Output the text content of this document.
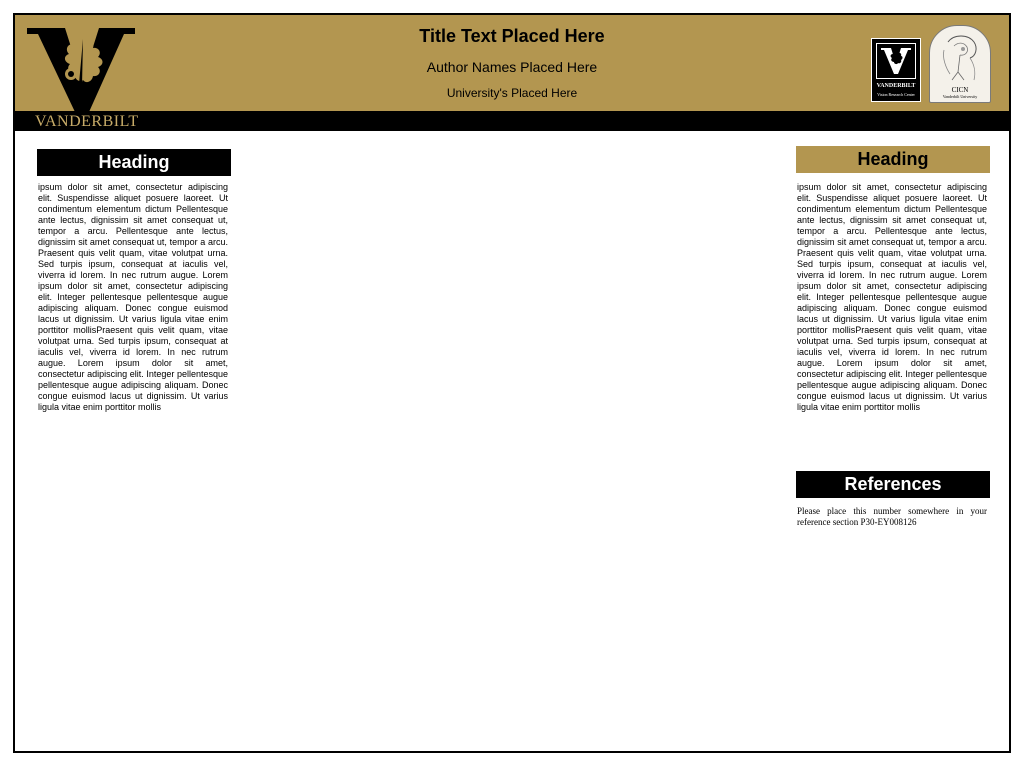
Title Text Placed Here
Author Names Placed Here
University's Placed Here	VANDERBILT
Vision Research Center
CICN
Vanderbilt University
VANDERBILT
Heading

ipsum dolor sit amet, consectetur adipiscing elit. Suspendisse aliquet posuere laoreet. Ut condimentum elementum dictum Pellentesque ante lectus, dignissim sit amet consequat ut, tempor a arcu. Pellentesque ante lectus, dignissim sit amet consequat ut, tempor a arcu. Praesent quis velit quam, vitae volutpat urna. Sed turpis ipsum, consequat at iaculis vel, viverra id lorem. In nec rutrum augue. Lorem ipsum dolor sit amet, consectetur adipiscing elit. Integer pellentesque pellentesque augue adipiscing aliquam. Donec congue euismod lacus ut dignissim. Ut varius ligula vitae enim porttitor mollisPraesent quis velit quam, vitae volutpat urna. Sed turpis ipsum, consequat at iaculis vel, viverra id lorem. In nec rutrum augue. Lorem ipsum dolor sit amet, consectetur adipiscing elit. Integer pellentesque pellentesque augue adipiscing aliquam. Donec congue euismod lacus ut dignissim. Ut varius ligula vitae enim porttitor mollis

Heading

ipsum dolor sit amet, consectetur adipiscing elit. Suspendisse aliquet posuere laoreet. Ut condimentum elementum dictum Pellentesque ante lectus, dignissim sit amet consequat ut, tempor a arcu. Pellentesque ante lectus, dignissim sit amet consequat ut, tempor a arcu. Praesent quis velit quam, vitae volutpat urna. Sed turpis ipsum, consequat at iaculis vel, viverra id lorem. In nec rutrum augue. Lorem ipsum dolor sit amet, consectetur adipiscing elit. Integer pellentesque pellentesque augue adipiscing aliquam. Donec congue euismod lacus ut dignissim. Ut varius ligula vitae enim porttitor mollisPraesent quis velit quam, vitae volutpat urna. Sed turpis ipsum, consequat at iaculis vel, viverra id lorem. In nec rutrum augue. Lorem ipsum dolor sit amet, consectetur adipiscing elit. Integer pellentesque pellentesque augue adipiscing aliquam. Donec congue euismod lacus ut dignissim. Ut varius ligula vitae enim porttitor mollis

References

Please place this number somewhere in your reference section P30-EY008126
